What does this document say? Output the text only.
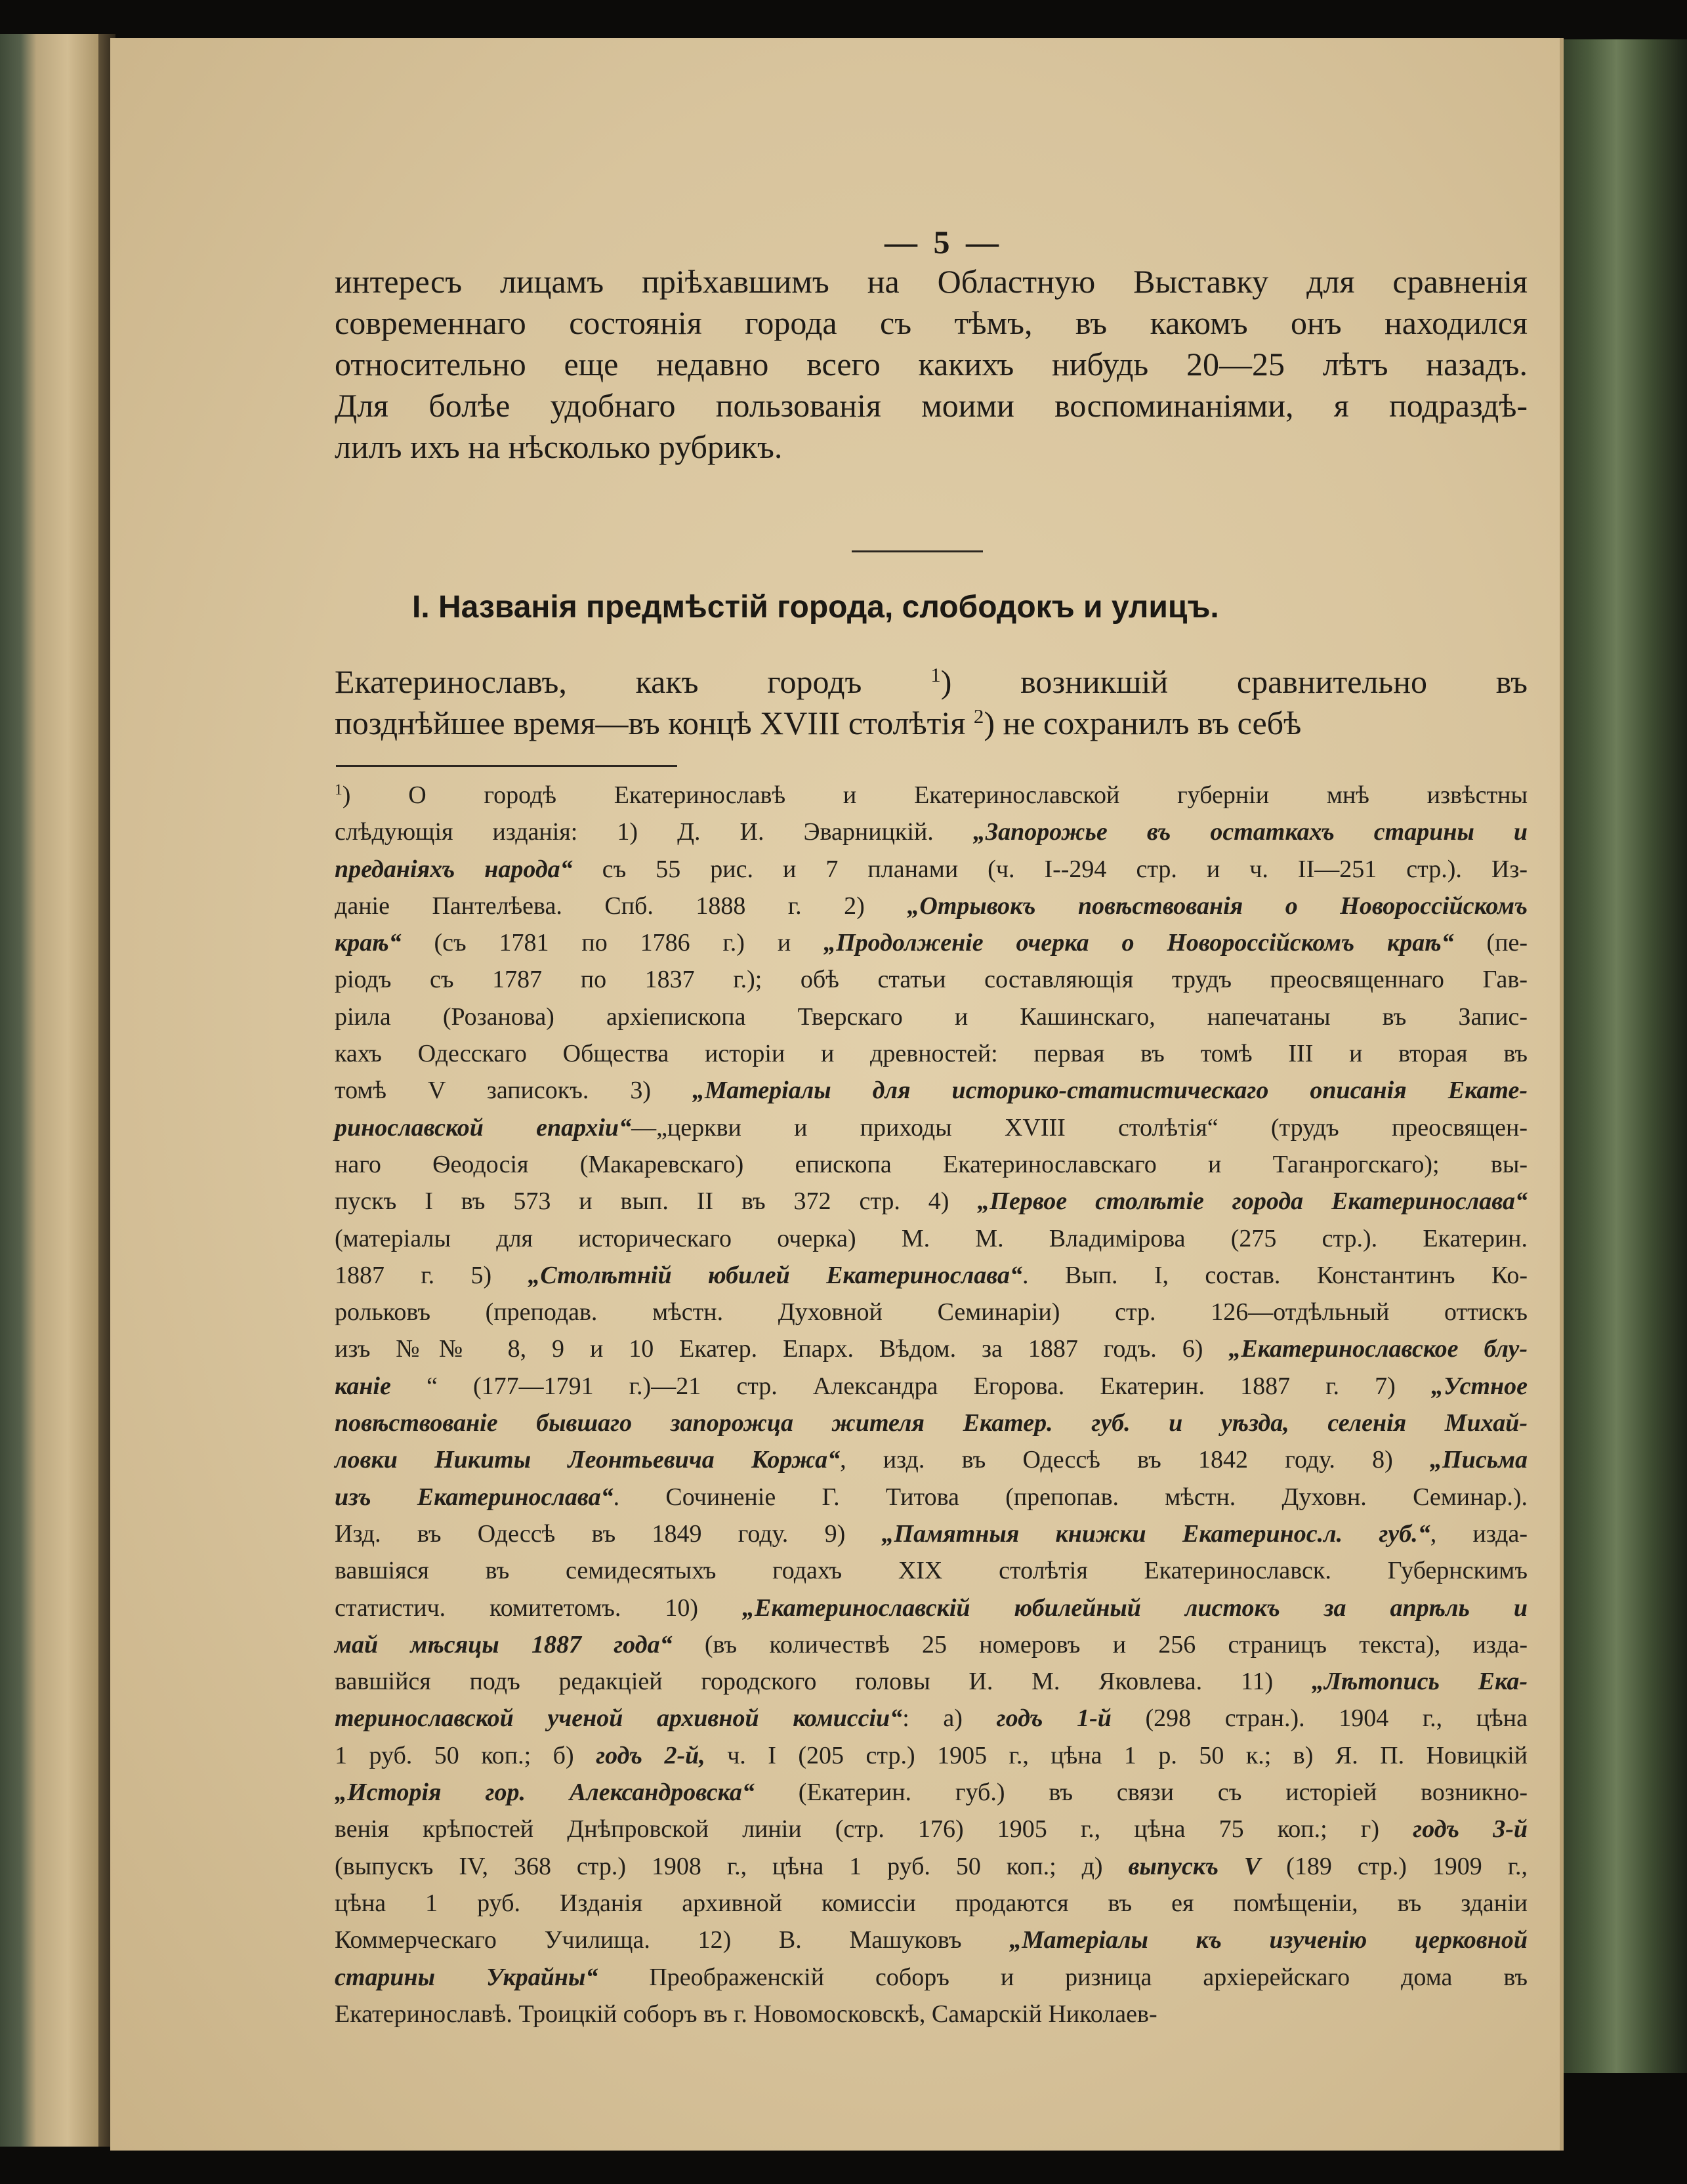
— 5 —
интересъ лицамъ пріѣхавшимъ на Областную Выставку для сравненія
современнаго состоянія города съ тѣмъ, въ какомъ онъ находился
относительно еще недавно всего какихъ нибудь 20—25 лѣтъ назадъ.
Для болѣе удобнаго пользованія моими воспоминаніями, я подраздѣ-
лилъ ихъ на нѣсколько рубрикъ.
I. Названія предмѣстій города, слободокъ и улицъ.
Екатеринославъ, какъ городъ $^1$) возникшій сравнительно въ
позднѣйшее время—въ концѣ XVIII столѣтія $^2$) не сохранилъ въ себѣ
$^1$) О городѣ Екатеринославѣ и Екатеринославской губерніи мнѣ извѣстны
слѣдующія изданія: 1) Д. И. Эварницкій. „Запорожье въ остаткахъ старины и
преданіяхъ народа“ съ 55 рис. и 7 планами (ч. I--294 стр. и ч. II—251 стр.). Из-
даніе Пантелѣева. Спб. 1888 г. 2) „Отрывокъ повѣствованія о Новороссійскомъ
краѣ“ (съ 1781 по 1786 г.) и „Продолженіе очерка о Новороссійскомъ краѣ“ (пе-
ріодъ съ 1787 по 1837 г.); обѣ статьи составляющія трудъ преосвященнаго Гав-
ріила (Розанова) архіепископа Тверскаго и Кашинскаго, напечатаны въ Запис-
кахъ Одесскаго Общества исторіи и древностей: первая въ томѣ III и вторая въ
томѣ V записокъ. 3) „Матеріалы для историко-статистическаго описанія Екате-
ринославской епархіи“—„церкви и приходы XVIII столѣтія“ (трудъ преосвящен-
наго Ѳеодосія (Макаревскаго) епископа Екатеринославскаго и Таганрогскаго); вы-
пускъ I въ 573 и вып. II въ 372 стр. 4) „Первое столѣтіе города Екатеринослава“
(матеріалы для историческаго очерка) М. М. Владимірова (275 стр.). Екатерин.
1887 г. 5) „Столѣтній юбилей Екатеринослава“. Вып. I, состав. Константинъ Ко-
рольковъ (преподав. мѣстн. Духовной Семинаріи) стр. 126—отдѣльный оттискъ
изъ №№ 8, 9 и 10 Екатер. Епарх. Вѣдом. за 1887 годъ. 6) „Екатеринославское блу-
каніе “ (177—1791 г.)—21 стр. Александра Егорова. Екатерин. 1887 г. 7) „Устное
повѣствованіе бывшаго запорожца жителя Екатер. губ. и уѣзда, селенія Михай-
ловки Никиты Леонтьевича Коржа“, изд. въ Одессѣ въ 1842 году. 8) „Письма
изъ Екатеринослава“. Сочиненіе Г. Титова (препопав. мѣстн. Духовн. Семинар.).
Изд. въ Одессѣ въ 1849 году. 9) „Памятныя книжки Екатеринос.л. губ.“, изда-
вавшіяся въ семидесятыхъ годахъ XIX столѣтія Екатеринославск. Губернскимъ
статистич. комитетомъ. 10) „Екатеринославскій юбилейный листокъ за апрѣль и
май мѣсяцы 1887 года“ (въ количествѣ 25 номеровъ и 256 страницъ текста), изда-
вавшійся подъ редакціей городского головы И. М. Яковлева. 11) „Лѣтопись Ека-
теринославской ученой архивной комиссіи“: а) годъ 1-й (298 стран.). 1904 г., цѣна
1 руб. 50 коп.; б) годъ 2-й, ч. I (205 стр.) 1905 г., цѣна 1 р. 50 к.; в) Я. П. Новицкій
„Исторія гор. Александровска“ (Екатерин. губ.) въ связи съ исторіей возникно-
венія крѣпостей Днѣпровской линіи (стр. 176) 1905 г., цѣна 75 коп.; г) годъ 3-й
(выпускъ IV, 368 стр.) 1908 г., цѣна 1 руб. 50 коп.; д) выпускъ V (189 стр.) 1909 г.,
цѣна 1 руб. Изданія архивной комиссіи продаются въ ея помѣщеніи, въ зданіи
Коммерческаго Училища. 12) В. Машуковъ „Матеріалы къ изученію церковной
старины Украйны“ Преображенскій соборъ и ризница архіерейскаго дома въ
Екатеринославѣ. Троицкій соборъ въ г. Новомосковскѣ, Самарскій Николаев-
